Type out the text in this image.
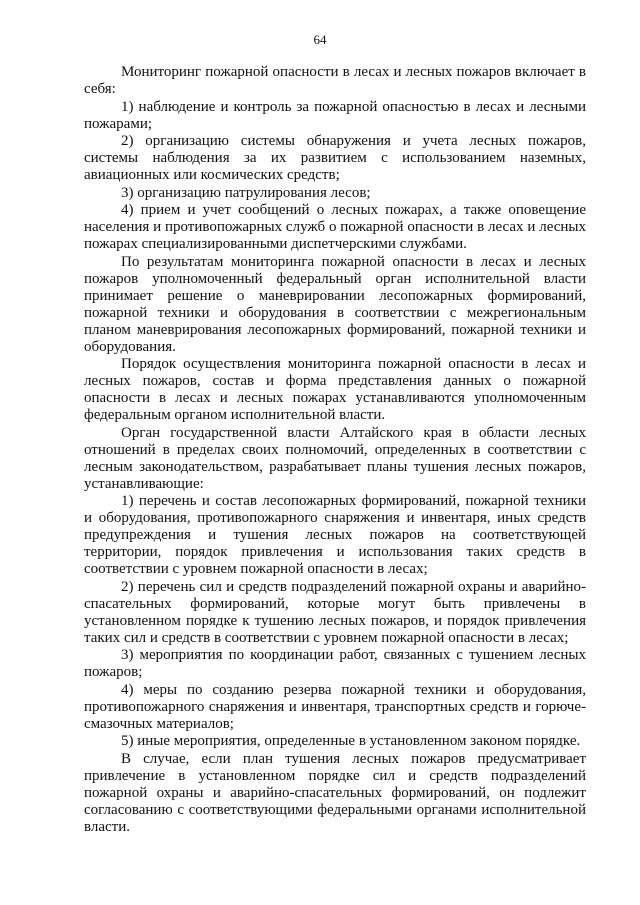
64

Мониторинг пожарной опасности в лесах и лесных пожаров включает в себя:

1) наблюдение и контроль за пожарной опасностью в лесах и лесными пожарами;

2) организацию системы обнаружения и учета лесных пожаров, системы наблюдения за их развитием с использованием наземных, авиационных или космических средств;

3) организацию патрулирования лесов;

4) прием и учет сообщений о лесных пожарах, а также оповещение населения и противопожарных служб о пожарной опасности в лесах и лесных пожарах специализированными диспетчерскими службами.

По результатам мониторинга пожарной опасности в лесах и лесных пожаров уполномоченный федеральный орган исполнительной власти принимает решение о маневрировании лесопожарных формирований, пожарной техники и оборудования в соответствии с межрегиональным планом маневрирования лесопожарных формирований, пожарной техники и оборудования.

Порядок осуществления мониторинга пожарной опасности в лесах и лесных пожаров, состав и форма представления данных о пожарной опасности в лесах и лесных пожарах устанавливаются уполномоченным федеральным органом исполнительной власти.

Орган государственной власти Алтайского края в области лесных отношений в пределах своих полномочий, определенных в соответствии с лесным законодательством, разрабатывает планы тушения лесных пожаров, устанавливающие:

1) перечень и состав лесопожарных формирований, пожарной техники и оборудования, противопожарного снаряжения и инвентаря, иных средств предупреждения и тушения лесных пожаров на соответствующей территории, порядок привлечения и использования таких средств в соответствии с уровнем пожарной опасности в лесах;

2) перечень сил и средств подразделений пожарной охраны и аварийно-спасательных формирований, которые могут быть привлечены в установленном порядке к тушению лесных пожаров, и порядок привлечения таких сил и средств в соответствии с уровнем пожарной опасности в лесах;

3) мероприятия по координации работ, связанных с тушением лесных пожаров;

4) меры по созданию резерва пожарной техники и оборудования, противопожарного снаряжения и инвентаря, транспортных средств и горюче-смазочных материалов;

5) иные мероприятия, определенные в установленном законом порядке.

В случае, если план тушения лесных пожаров предусматривает привлечение в установленном порядке сил и средств подразделений пожарной охраны и аварийно-спасательных формирований, он подлежит согласованию с соответствующими федеральными органами исполнительной власти.
